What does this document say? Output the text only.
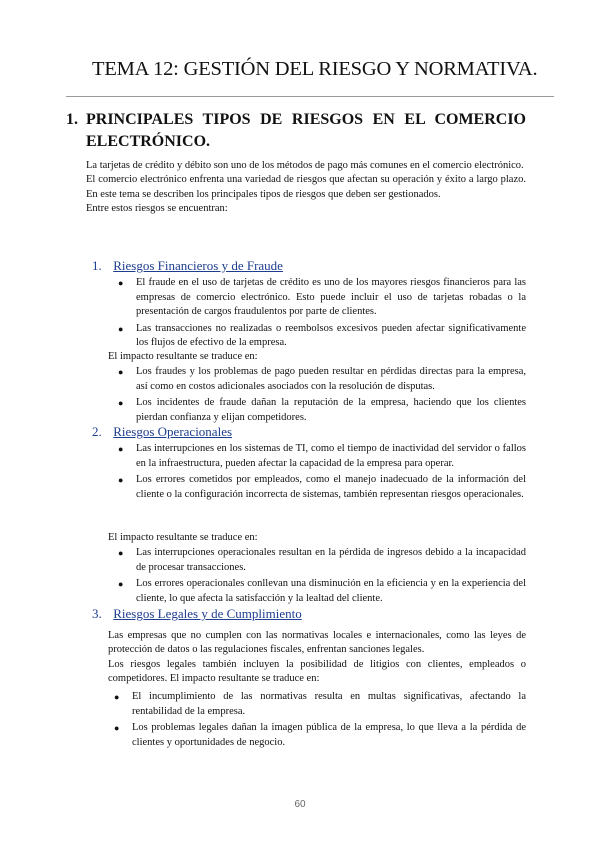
TEMA 12: GESTIÓN DEL RIESGO Y NORMATIVA.
1. PRINCIPALES TIPOS DE RIESGOS EN EL COMERCIO ELECTRÓNICO.

La tarjetas de crédito y débito son uno de los métodos de pago más comunes en el comercio electrónico.

El comercio electrónico enfrenta una variedad de riesgos que afectan su operación y éxito a largo plazo. En este tema se describen los principales tipos de riesgos que deben ser gestionados.

Entre estos riesgos se encuentran:

1. Riesgos Financieros y de Fraude
● El fraude en el uso de tarjetas de crédito es uno de los mayores riesgos financieros para las empresas de comercio electrónico. Esto puede incluir el uso de tarjetas robadas o la presentación de cargos fraudulentos por parte de clientes.
● Las transacciones no realizadas o reembolsos excesivos pueden afectar significativamente los flujos de efectivo de la empresa.
El impacto resultante se traduce en:
● Los fraudes y los problemas de pago pueden resultar en pérdidas directas para la empresa, así como en costos adicionales asociados con la resolución de disputas.
● Los incidentes de fraude dañan la reputación de la empresa, haciendo que los clientes pierdan confianza y elijan competidores.
2. Riesgos Operacionales
● Las interrupciones en los sistemas de TI, como el tiempo de inactividad del servidor o fallos en la infraestructura, pueden afectar la capacidad de la empresa para operar.
● Los errores cometidos por empleados, como el manejo inadecuado de la información del cliente o la configuración incorrecta de sistemas, también representan riesgos operacionales.
El impacto resultante se traduce en:
● Las interrupciones operacionales resultan en la pérdida de ingresos debido a la incapacidad de procesar transacciones.
● Los errores operacionales conllevan una disminución en la eficiencia y en la experiencia del cliente, lo que afecta la satisfacción y la lealtad del cliente.
3. Riesgos Legales y de Cumplimiento

Las empresas que no cumplen con las normativas locales e internacionales, como las leyes de protección de datos o las regulaciones fiscales, enfrentan sanciones legales.

Los riesgos legales también incluyen la posibilidad de litigios con clientes, empleados o competidores. El impacto resultante se traduce en:

● El incumplimiento de las normativas resulta en multas significativas, afectando la rentabilidad de la empresa.
● Los problemas legales dañan la imagen pública de la empresa, lo que lleva a la pérdida de clientes y oportunidades de negocio.
60
